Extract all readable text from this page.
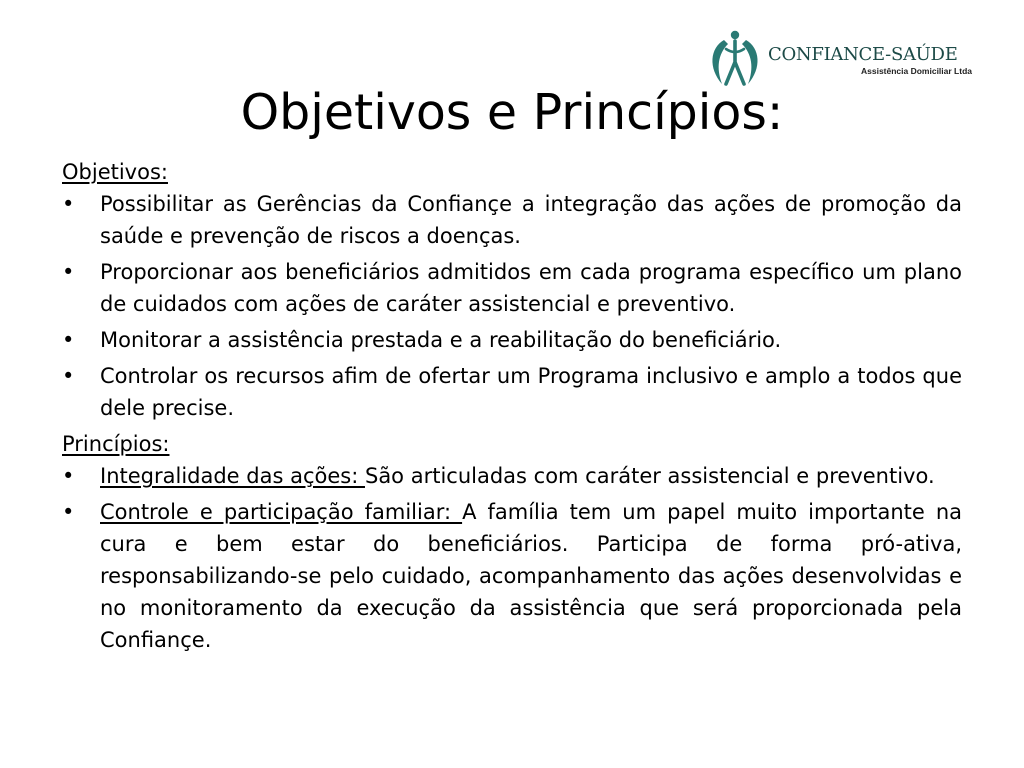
CONFIANCE-SAÚDE
Assistência Domiciliar Ltda
Objetivos e Princípios:
Objetivos:
• Possibilitar as Gerências da Confiançe a integração das ações de promoção da saúde e prevenção de riscos a doenças.
• Proporcionar aos beneficiários admitidos em cada programa específico um plano de cuidados com ações de caráter assistencial e preventivo.
• Monitorar a assistência prestada e a reabilitação do beneficiário.
• Controlar os recursos afim de ofertar um Programa inclusivo e amplo a todos que dele precise.
Princípios:
• Integralidade das ações: São articuladas com caráter assistencial e preventivo.
• Controle e participação familiar: A família tem um papel muito importante na cura e bem estar do beneficiários. Participa de forma pró-ativa, responsabilizando-se pelo cuidado, acompanhamento das ações desenvolvidas e no monitoramento da execução da assistência que será proporcionada pela Confiançe.
